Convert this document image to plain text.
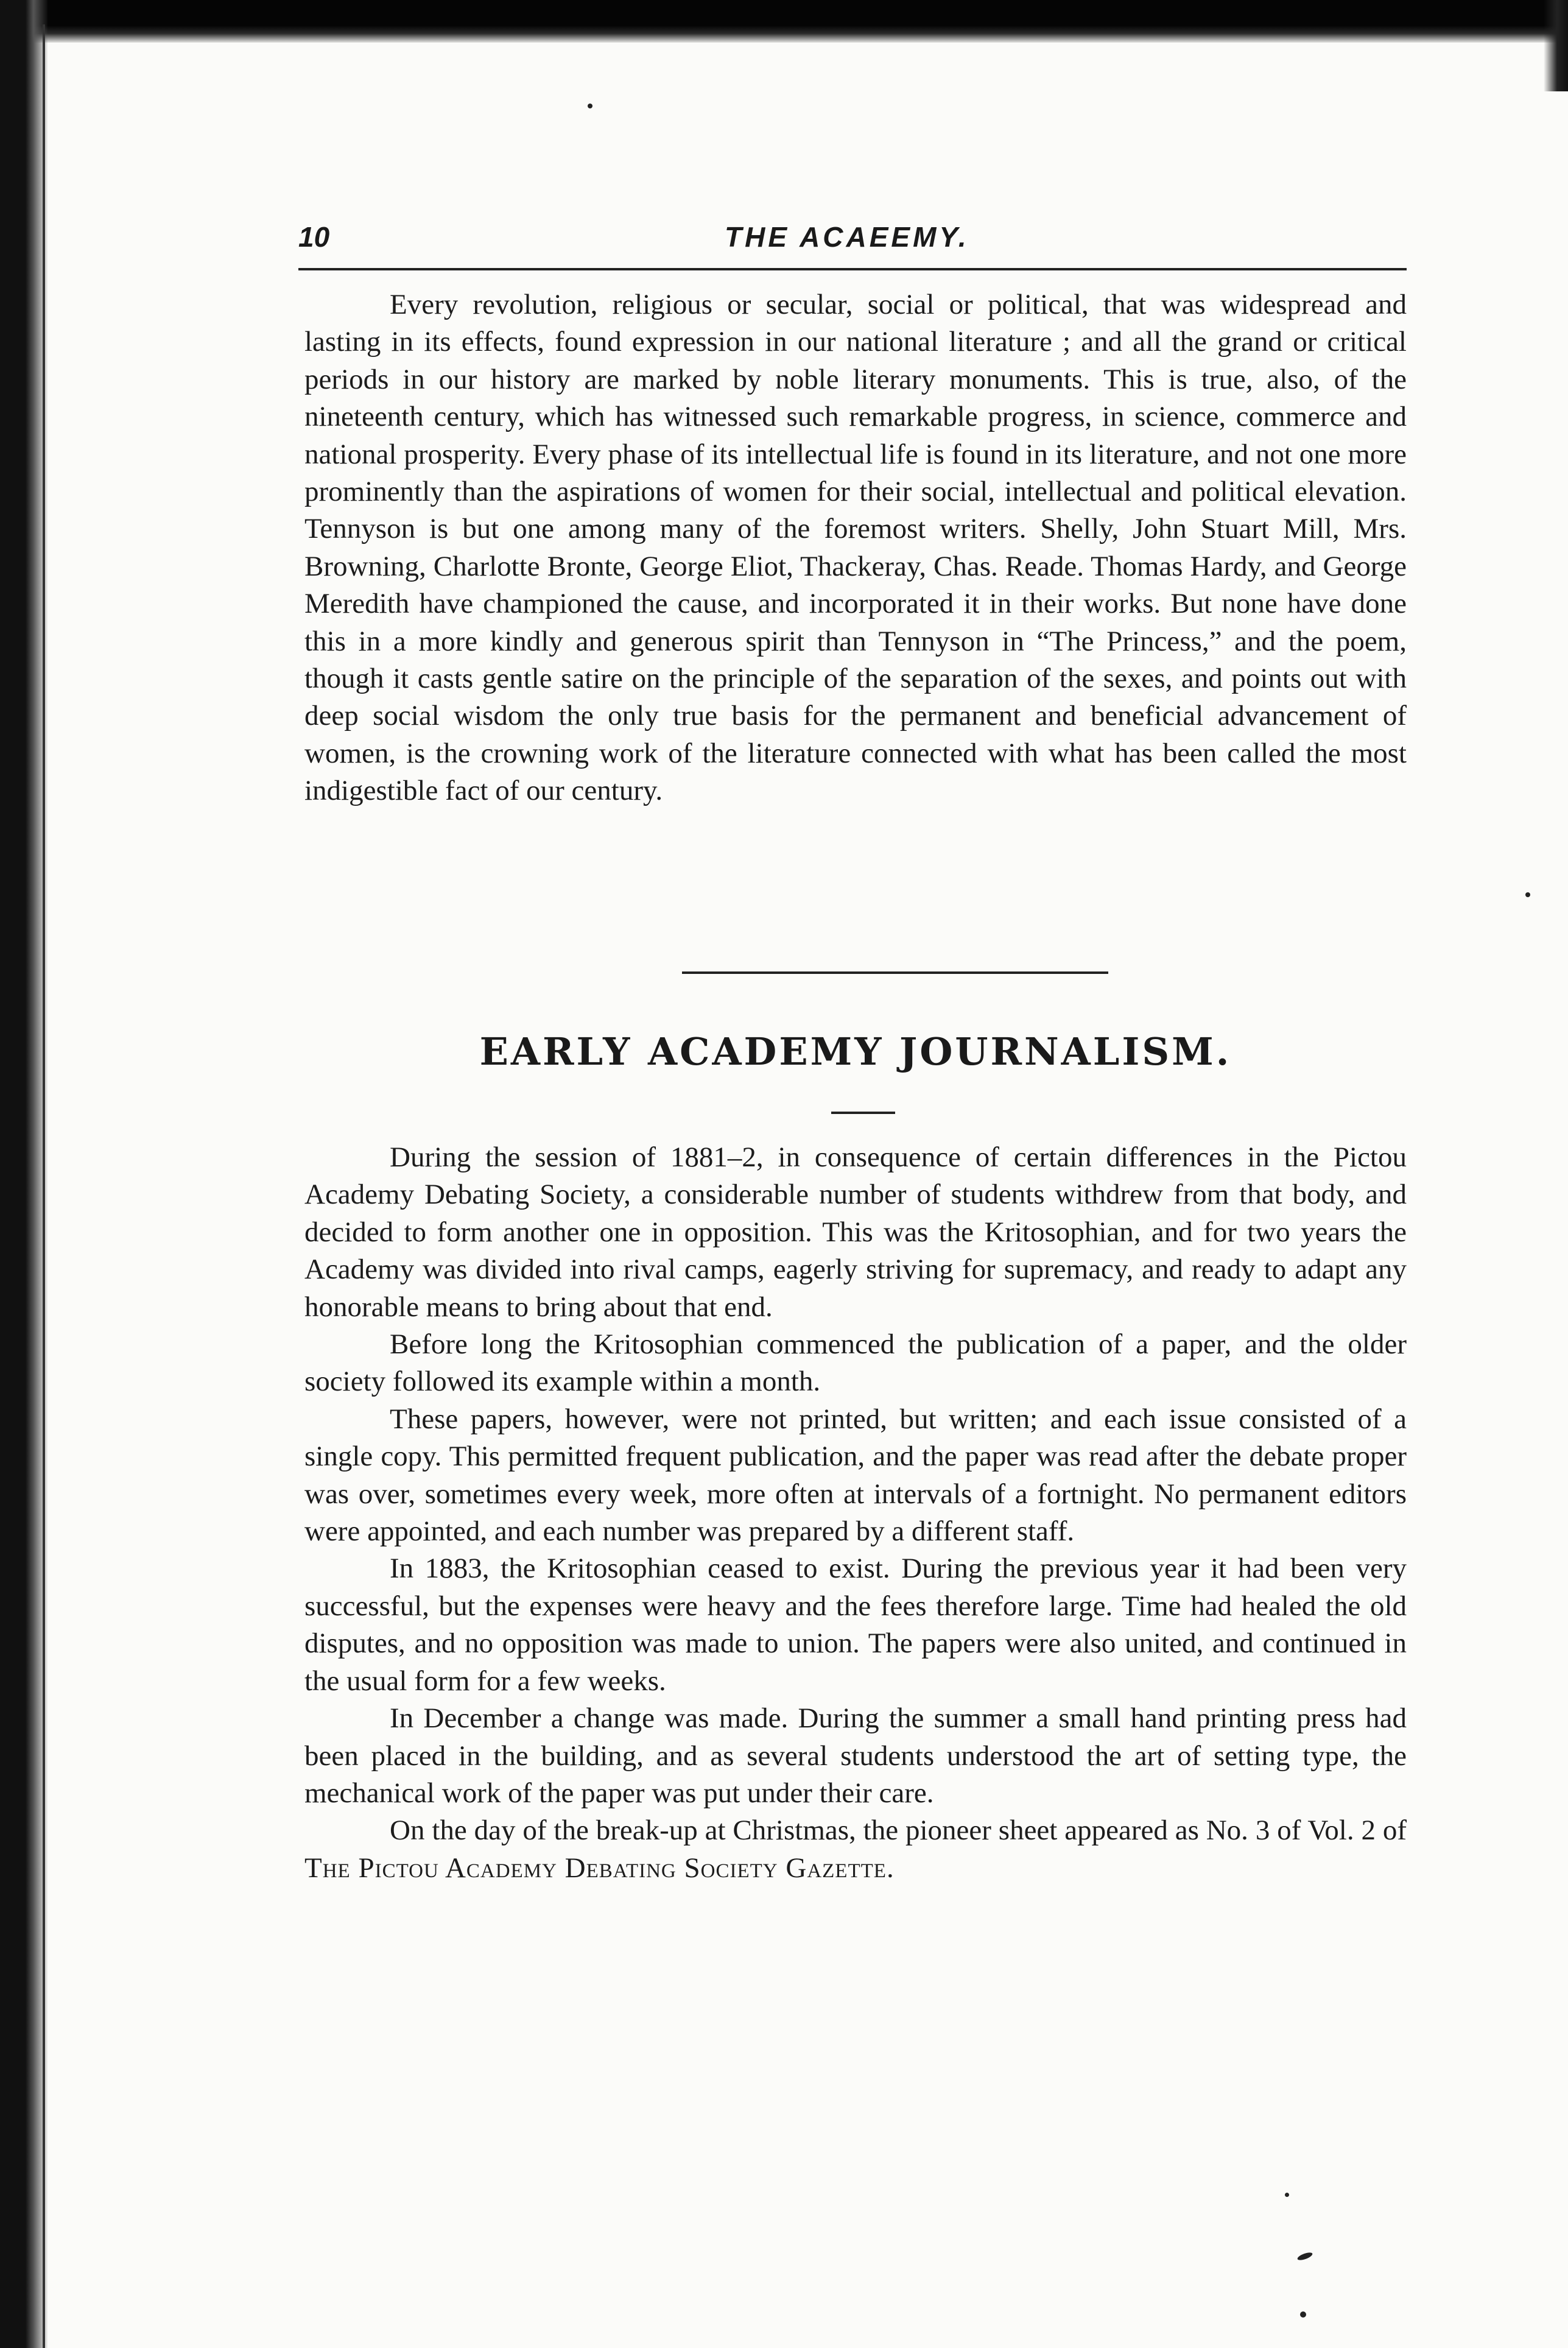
10	THE ACAEEMY.

Every revolution, religious or secular, social or political, that was widespread and lasting in its effects, found expression in our national literature ; and all the grand or critical periods in our history are marked by noble literary monuments. This is true, also, of the nineteenth century, which has witnessed such remarkable progress, in science, commerce and national prosperity. Every phase of its intellectual life is found in its literature, and not one more prominently than the aspirations of women for their social, intellectual and political elevation. Tennyson is but one among many of the foremost writers. Shelly, John Stuart Mill, Mrs. Browning, Charlotte Bronte, George Eliot, Thackeray, Chas. Reade. Thomas Hardy, and George Meredith have championed the cause, and incorporated it in their works. But none have done this in a more kindly and generous spirit than Tennyson in “The Princess,” and the poem, though it casts gentle satire on the principle of the separation of the sexes, and points out with deep social wisdom the only true basis for the permanent and beneficial advancement of women, is the crowning work of the literature connected with what has been called the most indigestible fact of our century.

EARLY ACADEMY JOURNALISM.

During the session of 1881–2, in consequence of certain differences in the Pictou Academy Debating Society, a considerable number of students withdrew from that body, and decided to form another one in opposition. This was the Kritosophian, and for two years the Academy was divided into rival camps, eagerly striving for supremacy, and ready to adapt any honorable means to bring about that end.

Before long the Kritosophian commenced the publication of a paper, and the older society followed its example within a month.

These papers, however, were not printed, but written; and each issue consisted of a single copy. This permitted frequent publication, and the paper was read after the debate proper was over, sometimes every week, more often at intervals of a fortnight. No permanent editors were appointed, and each number was prepared by a different staff.

In 1883, the Kritosophian ceased to exist. During the previous year it had been very successful, but the expenses were heavy and the fees therefore large. Time had healed the old disputes, and no opposition was made to union. The papers were also united, and continued in the usual form for a few weeks.

In December a change was made. During the summer a small hand printing press had been placed in the building, and as several students understood the art of setting type, the mechanical work of the paper was put under their care.

On the day of the break-up at Christmas, the pioneer sheet appeared as No. 3 of Vol. 2 of The Pictou Academy Debating Society Gazette.
